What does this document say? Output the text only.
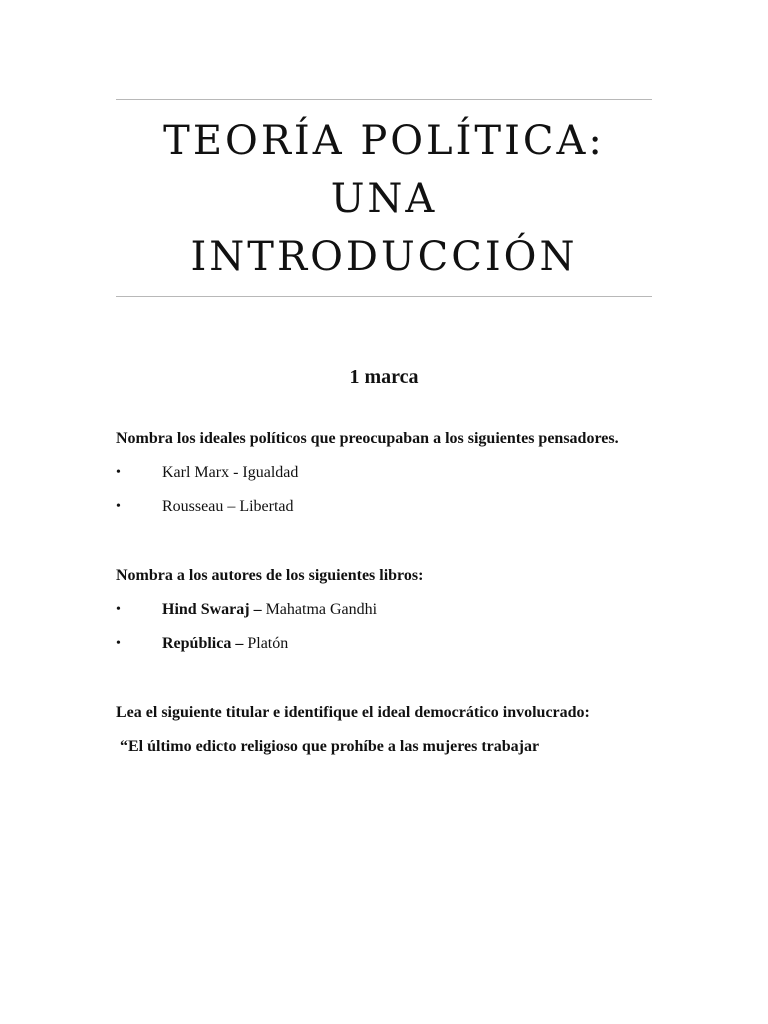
TEORÍA POLÍTICA:
UNA
INTRODUCCIÓN
1 marca

Nombra los ideales políticos que preocupaban a los siguientes pensadores.

•	Karl Marx - Igualdad
•	Rousseau – Libertad

Nombra a los autores de los siguientes libros:

•	Hind Swaraj – Mahatma Gandhi
•	República – Platón

Lea el siguiente titular e identifique el ideal democrático involucrado:

“El último edicto religioso que prohíbe a las mujeres trabajar
